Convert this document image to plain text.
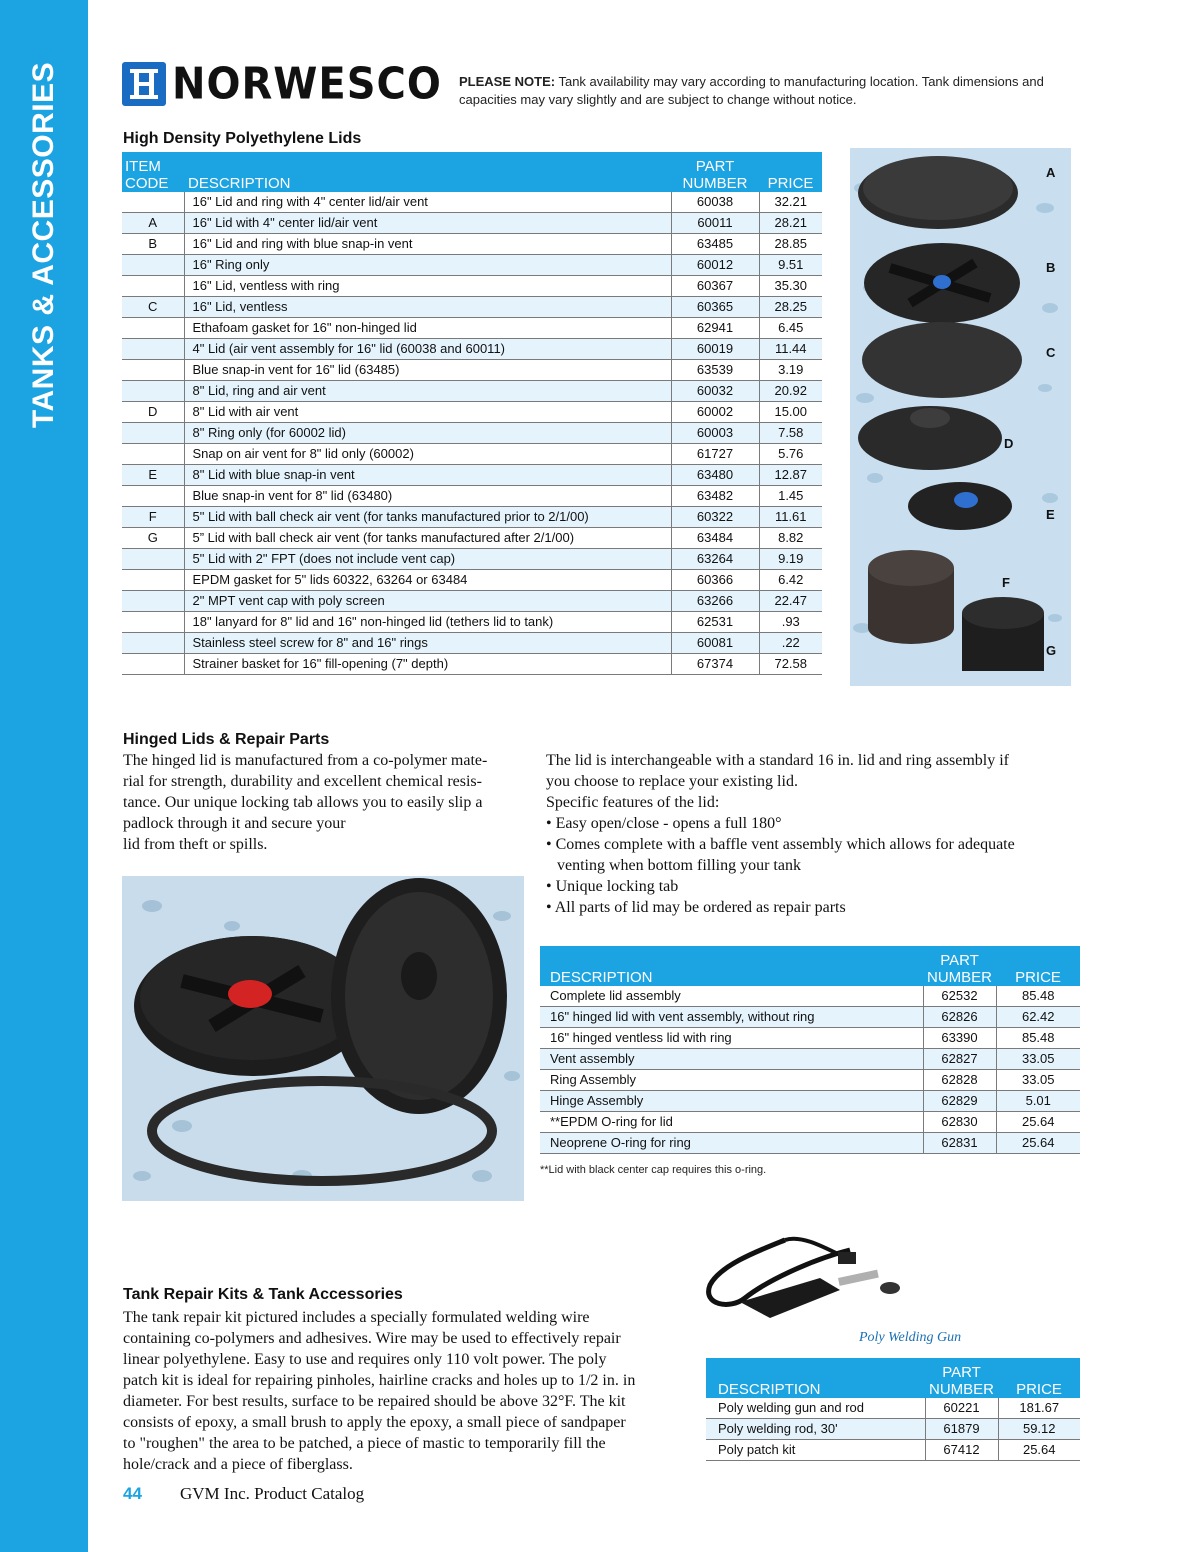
TANKS & ACCESSORIES	NORWESCO PLEASE NOTE: Tank availability may vary according to manufacturing location. Tank dimensions and capacities may vary slightly and are subject to change without notice.
High Density Polyethylene Lids
ITEM CODE	DESCRIPTION	PART NUMBER	PRICE
	16" Lid and ring with 4" center lid/air vent	60038	32.21
A	16" Lid with 4" center lid/air vent	60011	28.21
B	16" Lid and ring with blue snap-in vent	63485	28.85
	16" Ring only	60012	9.51
	16" Lid, ventless with ring	60367	35.30
C	16" Lid, ventless	60365	28.25
	Ethafoam gasket for 16" non-hinged lid	62941	6.45
	4" Lid (air vent assembly for 16" lid (60038 and 60011)	60019	11.44
	Blue snap-in vent for 16" lid (63485)	63539	3.19
	8" Lid, ring and air vent	60032	20.92
D	8" Lid with air vent	60002	15.00
	8" Ring only (for 60002 lid)	60003	7.58
	Snap on air vent for 8" lid only (60002)	61727	5.76
E	8" Lid with blue snap-in vent	63480	12.87
	Blue snap-in vent for 8" lid (63480)	63482	1.45
F	5" Lid with ball check air vent (for tanks manufactured prior to 2/1/00)	60322	11.61
G	5” Lid with ball check air vent (for tanks manufactured after 2/1/00)	63484	8.82
	5" Lid with 2" FPT (does not include vent cap)	63264	9.19
	EPDM gasket for 5" lids 60322, 63264 or 63484	60366	6.42
	2" MPT vent cap with poly screen	63266	22.47
	18" lanyard for 8" lid and 16" non-hinged lid (tethers lid to tank)	62531	.93
	Stainless steel screw for 8" and 16" rings	60081	.22
	Strainer basket for 16" fill-opening (7" depth)	67374	72.58
A
B
C
D
E
F
G
Hinged Lids & Repair Parts
The hinged lid is manufactured from a co-polymer mate-
rial for strength, durability and excellent chemical resis-
tance. Our unique locking tab allows you to easily slip a
padlock through it and secure your
lid from theft or spills.
The lid is interchangeable with a standard 16 in. lid and ring assembly if
you choose to replace your existing lid.
Specific features of the lid:
• Easy open/close - opens a full 180°
• Comes complete with a baffle vent assembly which allows for adequate
venting when bottom filling your tank
• Unique locking tab
• All parts of lid may be ordered as repair parts
DESCRIPTION	PART NUMBER	PRICE
Complete lid assembly	62532	85.48
16" hinged lid with vent assembly, without ring	62826	62.42
16" hinged ventless lid with ring	63390	85.48
Vent assembly	62827	33.05
Ring Assembly	62828	33.05
Hinge Assembly	62829	5.01
**EPDM O-ring for lid	62830	25.64
Neoprene O-ring for ring	62831	25.64
**Lid with black center cap requires this o-ring.
Tank Repair Kits & Tank Accessories
The tank repair kit pictured includes a specially formulated welding wire
containing co-polymers and adhesives. Wire may be used to effectively repair
linear polyethylene. Easy to use and requires only 110 volt power. The poly
patch kit is ideal for repairing pinholes, hairline cracks and holes up to 1/2 in. in
diameter. For best results, surface to be repaired should be above 32°F. The kit
consists of epoxy, a small brush to apply the epoxy, a small piece of sandpaper
to "roughen" the area to be patched, a piece of mastic to temporarily fill the
hole/crack and a piece of fiberglass.
Poly Welding Gun
DESCRIPTION	PART NUMBER	PRICE
Poly welding gun and rod	60221	181.67
Poly welding rod, 30'	61879	59.12
Poly patch kit	67412	25.64
44 GVM Inc. Product Catalog
